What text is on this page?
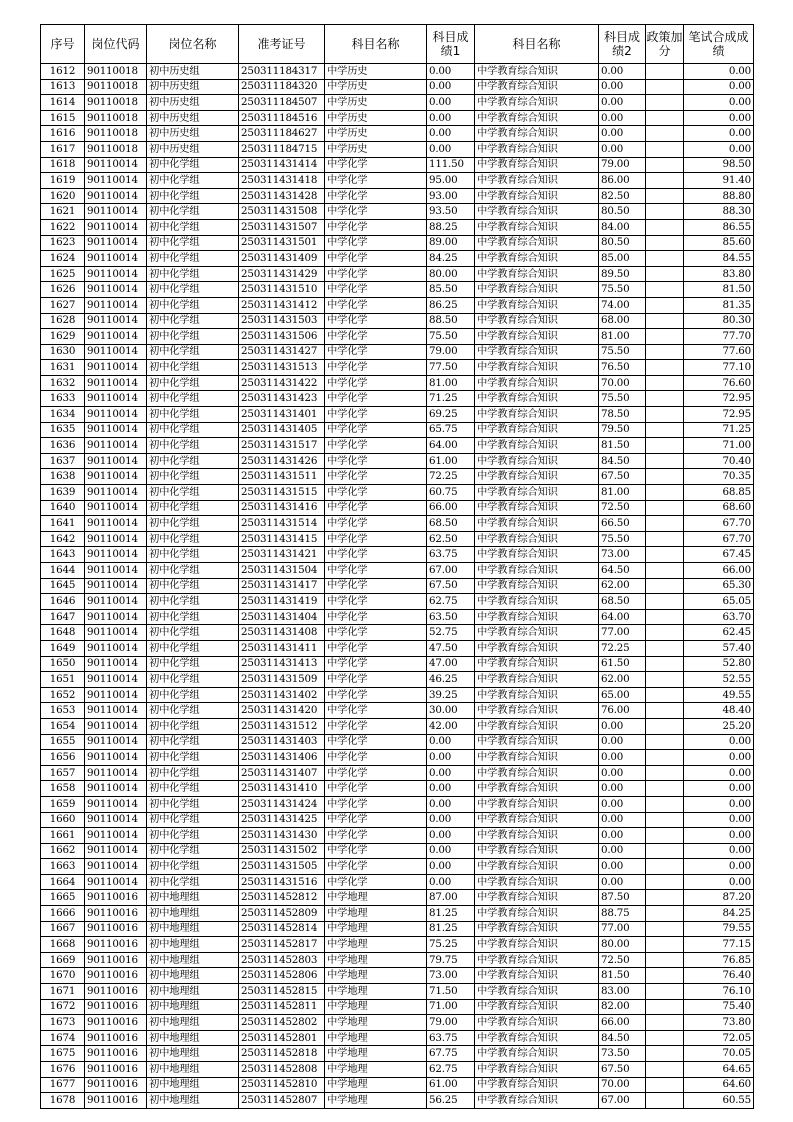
序号	岗位代码	岗位名称	准考证号	科目名称	科目成绩1	科目名称	科目成绩2	政策加分	笔试合成成绩
1612	90110018	初中历史组	250311184317	中学历史	0.00	中学教育综合知识	0.00		0.00
1613	90110018	初中历史组	250311184320	中学历史	0.00	中学教育综合知识	0.00		0.00
1614	90110018	初中历史组	250311184507	中学历史	0.00	中学教育综合知识	0.00		0.00
1615	90110018	初中历史组	250311184516	中学历史	0.00	中学教育综合知识	0.00		0.00
1616	90110018	初中历史组	250311184627	中学历史	0.00	中学教育综合知识	0.00		0.00
1617	90110018	初中历史组	250311184715	中学历史	0.00	中学教育综合知识	0.00		0.00
1618	90110014	初中化学组	250311431414	中学化学	111.50	中学教育综合知识	79.00		98.50
1619	90110014	初中化学组	250311431418	中学化学	95.00	中学教育综合知识	86.00		91.40
1620	90110014	初中化学组	250311431428	中学化学	93.00	中学教育综合知识	82.50		88.80
1621	90110014	初中化学组	250311431508	中学化学	93.50	中学教育综合知识	80.50		88.30
1622	90110014	初中化学组	250311431507	中学化学	88.25	中学教育综合知识	84.00		86.55
1623	90110014	初中化学组	250311431501	中学化学	89.00	中学教育综合知识	80.50		85.60
1624	90110014	初中化学组	250311431409	中学化学	84.25	中学教育综合知识	85.00		84.55
1625	90110014	初中化学组	250311431429	中学化学	80.00	中学教育综合知识	89.50		83.80
1626	90110014	初中化学组	250311431510	中学化学	85.50	中学教育综合知识	75.50		81.50
1627	90110014	初中化学组	250311431412	中学化学	86.25	中学教育综合知识	74.00		81.35
1628	90110014	初中化学组	250311431503	中学化学	88.50	中学教育综合知识	68.00		80.30
1629	90110014	初中化学组	250311431506	中学化学	75.50	中学教育综合知识	81.00		77.70
1630	90110014	初中化学组	250311431427	中学化学	79.00	中学教育综合知识	75.50		77.60
1631	90110014	初中化学组	250311431513	中学化学	77.50	中学教育综合知识	76.50		77.10
1632	90110014	初中化学组	250311431422	中学化学	81.00	中学教育综合知识	70.00		76.60
1633	90110014	初中化学组	250311431423	中学化学	71.25	中学教育综合知识	75.50		72.95
1634	90110014	初中化学组	250311431401	中学化学	69.25	中学教育综合知识	78.50		72.95
1635	90110014	初中化学组	250311431405	中学化学	65.75	中学教育综合知识	79.50		71.25
1636	90110014	初中化学组	250311431517	中学化学	64.00	中学教育综合知识	81.50		71.00
1637	90110014	初中化学组	250311431426	中学化学	61.00	中学教育综合知识	84.50		70.40
1638	90110014	初中化学组	250311431511	中学化学	72.25	中学教育综合知识	67.50		70.35
1639	90110014	初中化学组	250311431515	中学化学	60.75	中学教育综合知识	81.00		68.85
1640	90110014	初中化学组	250311431416	中学化学	66.00	中学教育综合知识	72.50		68.60
1641	90110014	初中化学组	250311431514	中学化学	68.50	中学教育综合知识	66.50		67.70
1642	90110014	初中化学组	250311431415	中学化学	62.50	中学教育综合知识	75.50		67.70
1643	90110014	初中化学组	250311431421	中学化学	63.75	中学教育综合知识	73.00		67.45
1644	90110014	初中化学组	250311431504	中学化学	67.00	中学教育综合知识	64.50		66.00
1645	90110014	初中化学组	250311431417	中学化学	67.50	中学教育综合知识	62.00		65.30
1646	90110014	初中化学组	250311431419	中学化学	62.75	中学教育综合知识	68.50		65.05
1647	90110014	初中化学组	250311431404	中学化学	63.50	中学教育综合知识	64.00		63.70
1648	90110014	初中化学组	250311431408	中学化学	52.75	中学教育综合知识	77.00		62.45
1649	90110014	初中化学组	250311431411	中学化学	47.50	中学教育综合知识	72.25		57.40
1650	90110014	初中化学组	250311431413	中学化学	47.00	中学教育综合知识	61.50		52.80
1651	90110014	初中化学组	250311431509	中学化学	46.25	中学教育综合知识	62.00		52.55
1652	90110014	初中化学组	250311431402	中学化学	39.25	中学教育综合知识	65.00		49.55
1653	90110014	初中化学组	250311431420	中学化学	30.00	中学教育综合知识	76.00		48.40
1654	90110014	初中化学组	250311431512	中学化学	42.00	中学教育综合知识	0.00		25.20
1655	90110014	初中化学组	250311431403	中学化学	0.00	中学教育综合知识	0.00		0.00
1656	90110014	初中化学组	250311431406	中学化学	0.00	中学教育综合知识	0.00		0.00
1657	90110014	初中化学组	250311431407	中学化学	0.00	中学教育综合知识	0.00		0.00
1658	90110014	初中化学组	250311431410	中学化学	0.00	中学教育综合知识	0.00		0.00
1659	90110014	初中化学组	250311431424	中学化学	0.00	中学教育综合知识	0.00		0.00
1660	90110014	初中化学组	250311431425	中学化学	0.00	中学教育综合知识	0.00		0.00
1661	90110014	初中化学组	250311431430	中学化学	0.00	中学教育综合知识	0.00		0.00
1662	90110014	初中化学组	250311431502	中学化学	0.00	中学教育综合知识	0.00		0.00
1663	90110014	初中化学组	250311431505	中学化学	0.00	中学教育综合知识	0.00		0.00
1664	90110014	初中化学组	250311431516	中学化学	0.00	中学教育综合知识	0.00		0.00
1665	90110016	初中地理组	250311452812	中学地理	87.00	中学教育综合知识	87.50		87.20
1666	90110016	初中地理组	250311452809	中学地理	81.25	中学教育综合知识	88.75		84.25
1667	90110016	初中地理组	250311452814	中学地理	81.25	中学教育综合知识	77.00		79.55
1668	90110016	初中地理组	250311452817	中学地理	75.25	中学教育综合知识	80.00		77.15
1669	90110016	初中地理组	250311452803	中学地理	79.75	中学教育综合知识	72.50		76.85
1670	90110016	初中地理组	250311452806	中学地理	73.00	中学教育综合知识	81.50		76.40
1671	90110016	初中地理组	250311452815	中学地理	71.50	中学教育综合知识	83.00		76.10
1672	90110016	初中地理组	250311452811	中学地理	71.00	中学教育综合知识	82.00		75.40
1673	90110016	初中地理组	250311452802	中学地理	79.00	中学教育综合知识	66.00		73.80
1674	90110016	初中地理组	250311452801	中学地理	63.75	中学教育综合知识	84.50		72.05
1675	90110016	初中地理组	250311452818	中学地理	67.75	中学教育综合知识	73.50		70.05
1676	90110016	初中地理组	250311452808	中学地理	62.75	中学教育综合知识	67.50		64.65
1677	90110016	初中地理组	250311452810	中学地理	61.00	中学教育综合知识	70.00		64.60
1678	90110016	初中地理组	250311452807	中学地理	56.25	中学教育综合知识	67.00		60.55
